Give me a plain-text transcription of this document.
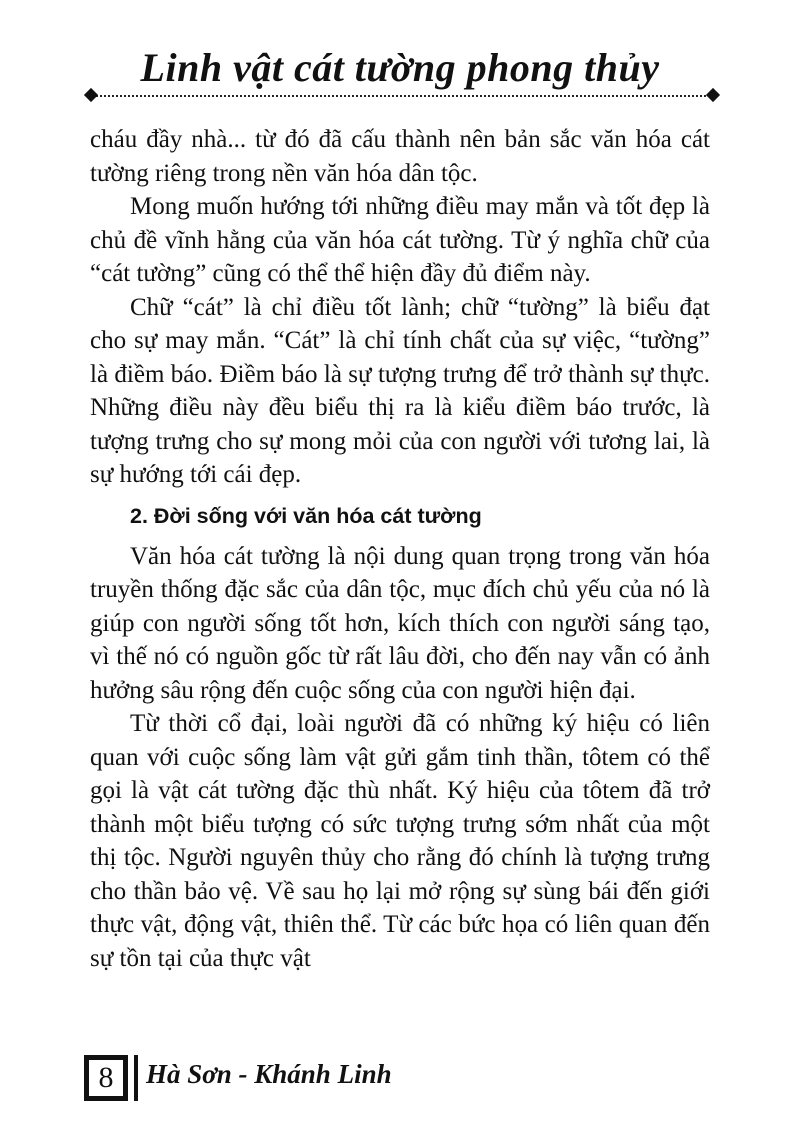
Linh vật cát tường phong thủy

cháu đầy nhà... từ đó đã cấu thành nên bản sắc văn hóa cát tường riêng trong nền văn hóa dân tộc.

Mong muốn hướng tới những điều may mắn và tốt đẹp là chủ đề vĩnh hằng của văn hóa cát tường. Từ ý nghĩa chữ của “cát tường” cũng có thể thể hiện đầy đủ điểm này.

Chữ “cát” là chỉ điều tốt lành; chữ “tường” là biểu đạt cho sự may mắn. “Cát” là chỉ tính chất của sự việc, “tường” là điềm báo. Điềm báo là sự tượng trưng để trở thành sự thực. Những điều này đều biểu thị ra là kiểu điềm báo trước, là tượng trưng cho sự mong mỏi của con người với tương lai, là sự hướng tới cái đẹp.

2. Đời sống với văn hóa cát tường

Văn hóa cát tường là nội dung quan trọng trong văn hóa truyền thống đặc sắc của dân tộc, mục đích chủ yếu của nó là giúp con người sống tốt hơn, kích thích con người sáng tạo, vì thế nó có nguồn gốc từ rất lâu đời, cho đến nay vẫn có ảnh hưởng sâu rộng đến cuộc sống của con người hiện đại.

Từ thời cổ đại, loài người đã có những ký hiệu có liên quan với cuộc sống làm vật gửi gắm tinh thần, tôtem có thể gọi là vật cát tường đặc thù nhất. Ký hiệu của tôtem đã trở thành một biểu tượng có sức tượng trưng sớm nhất của một thị tộc. Người nguyên thủy cho rằng đó chính là tượng trưng cho thần bảo vệ. Về sau họ lại mở rộng sự sùng bái đến giới thực vật, động vật, thiên thể. Từ các bức họa có liên quan đến sự tồn tại của thực vật

8	Hà Sơn - Khánh Linh
